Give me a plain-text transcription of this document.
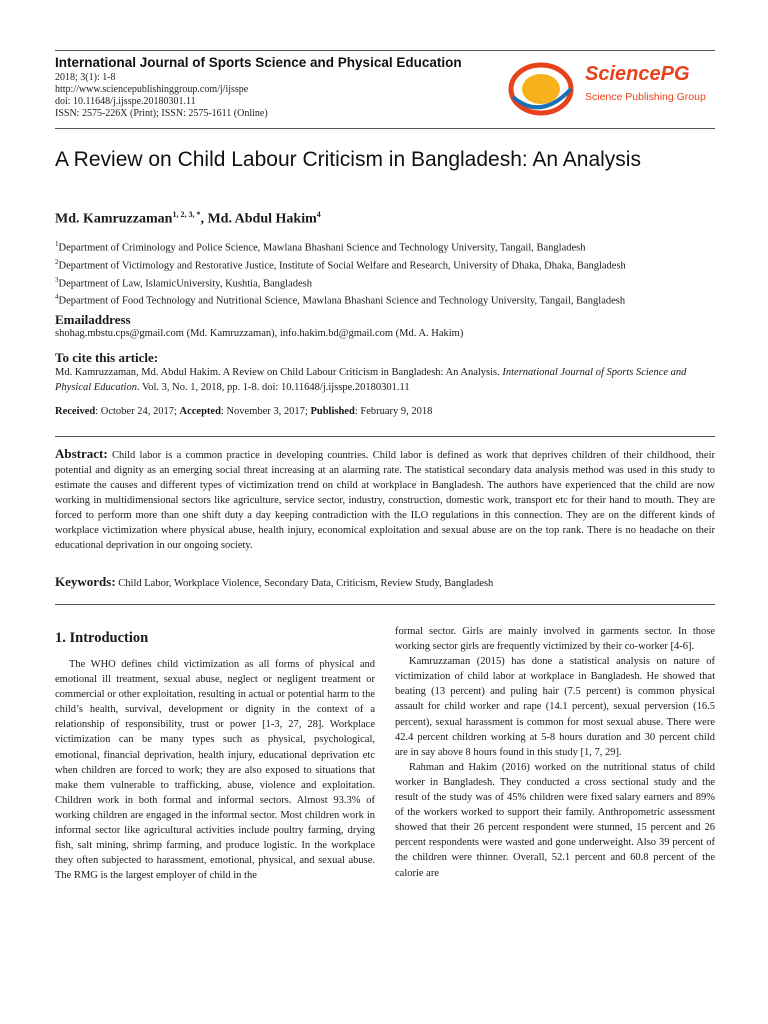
International Journal of Sports Science and Physical Education
2018; 3(1): 1-8
http://www.sciencepublishinggroup.com/j/ijsspe
doi: 10.11648/j.ijsspe.20180301.11
ISSN: 2575-226X (Print); ISSN: 2575-1611 (Online)
SciencePG
Science Publishing Group
A Review on Child Labour Criticism in Bangladesh: An Analysis
Md. Kamruzzaman$^{1, 2, 3, *}$, Md. Abdul Hakim$^4$
$^1$Department of Criminology and Police Science, Mawlana Bhashani Science and Technology University, Tangail, Bangladesh
$^2$Department of Victimology and Restorative Justice, Institute of Social Welfare and Research, University of Dhaka, Dhaka, Bangladesh
$^3$Department of Law, IslamicUniversity, Kushtia, Bangladesh
$^4$Department of Food Technology and Nutritional Science, Mawlana Bhashani Science and Technology University, Tangail, Bangladesh
Emailaddress
shohag.mbstu.cps@gmail.com (Md. Kamruzzaman), info.hakim.bd@gmail.com (Md. A. Hakim)
To cite this article:
Md. Kamruzzaman, Md. Abdul Hakim. A Review on Child Labour Criticism in Bangladesh: An Analysis. International Journal of Sports Science and Physical Education. Vol. 3, No. 1, 2018, pp. 1-8. doi: 10.11648/j.ijsspe.20180301.11
Received: October 24, 2017; Accepted: November 3, 2017; Published: February 9, 2018
Abstract: Child labor is a common practice in developing countries. Child labor is defined as work that deprives children of their childhood, their potential and dignity as an emerging social threat increasing at an alarming rate. The statistical secondary data analysis method was used in this study to estimate the causes and different types of victimization trend on child at workplace in Bangladesh. The authors have experienced that the child are now working in multidimensional sectors like agriculture, service sector, industry, construction, domestic work, transport etc for their hand to mouth. They are forced to perform more than one shift duty a day keeping contradiction with the ILO regulations in this connection. They are on the different kinds of workplace victimization where physical abuse, health injury, economical exploitation and sexual abuse are on the top rank. There is no headache on their educational deprivation in our ongoing society.
Keywords: Child Labor, Workplace Violence, Secondary Data, Criticism, Review Study, Bangladesh
1. Introduction

The WHO defines child victimization as all forms of physical and emotional ill treatment, sexual abuse, neglect or negligent treatment or commercial or other exploitation, resulting in actual or potential harm to the child’s health, survival, development or dignity in the context of a relationship of responsibility, trust or power [1-3, 27, 28]. Workplace victimization can be many types such as physical, psychological, emotional, financial deprivation, health injury, educational deprivation etc when children are forced to work; they are also exposed to situations that make them vulnerable to trafficking, abuse, violence and exploitation. Children work in both formal and informal sectors. Almost 93.3% of working children are engaged in the informal sector. Most children work in informal sector like agricultural activities include poultry farming, drying fish, salt mining, shrimp farming, and produce logistic. In the workplace they often subjected to harassment, emotional, physical, and sexual abuse. The RMG is the largest employer of child in the

formal sector. Girls are mainly involved in garments sector. In those working sector girls are frequently victimized by their co-worker [4-6].

Kamruzzaman (2015) has done a statistical analysis on nature of victimization of child labor at workplace in Bangladesh. He showed that beating (13 percent) and puling hair (7.5 percent) is common physical assault for child worker and rape (14.1 percent), sexual perversion (16.5 percent), sexual harassment is common for most sexual abuse. There were 42.4 percent children working at 5-8 hours duration and 30 percent child are in say above 8 hours found in this study [1, 7, 29].

Rahman and Hakim (2016) worked on the nutritional status of child worker in Bangladesh. They conducted a cross sectional study and the result of the study was of 45% children were fixed salary earners and 89% of the workers worked to support their family. Anthropometric assessment showed that their 26 percent respondent were stunned, 15 percent and 26 percent respondents were wasted and gone underweight. Also 39 percent of the children were thinner. Overall, 52.1 percent and 60.8 percent of the calorie are
